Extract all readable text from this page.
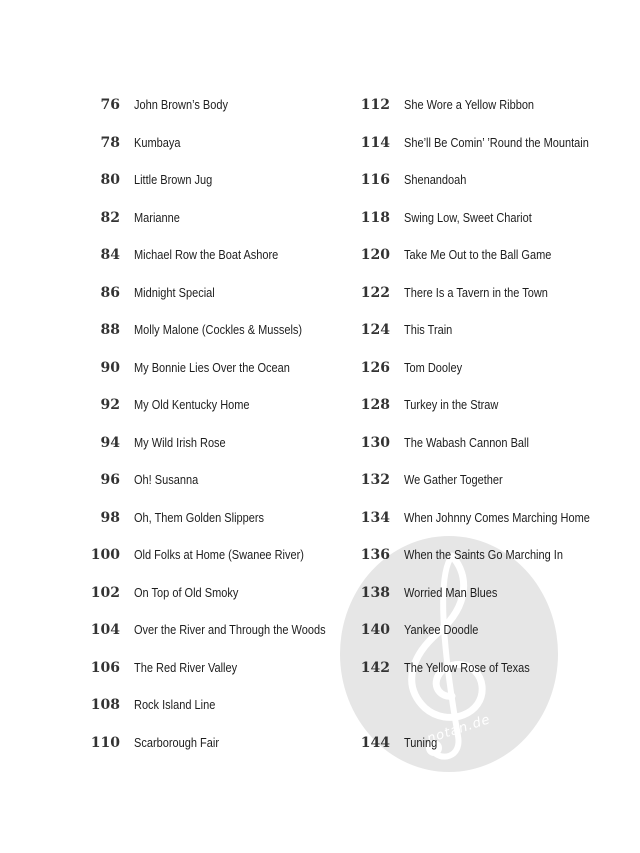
notan.de
76 John Brown’s Body
78 Kumbaya
80 Little Brown Jug
82 Marianne
84 Michael Row the Boat Ashore
86 Midnight Special
88 Molly Malone (Cockles & Mussels)
90 My Bonnie Lies Over the Ocean
92 My Old Kentucky Home
94 My Wild Irish Rose
96 Oh! Susanna
98 Oh, Them Golden Slippers
100 Old Folks at Home (Swanee River)
102 On Top of Old Smoky
104 Over the River and Through the Woods
106 The Red River Valley
108 Rock Island Line
110 Scarborough Fair
112 She Wore a Yellow Ribbon
114 She’ll Be Comin’ ’Round the Mountain
116 Shenandoah
118 Swing Low, Sweet Chariot
120 Take Me Out to the Ball Game
122 There Is a Tavern in the Town
124 This Train
126 Tom Dooley
128 Turkey in the Straw
130 The Wabash Cannon Ball
132 We Gather Together
134 When Johnny Comes Marching Home
136 When the Saints Go Marching In
138 Worried Man Blues
140 Yankee Doodle
142 The Yellow Rose of Texas
144 Tuning
